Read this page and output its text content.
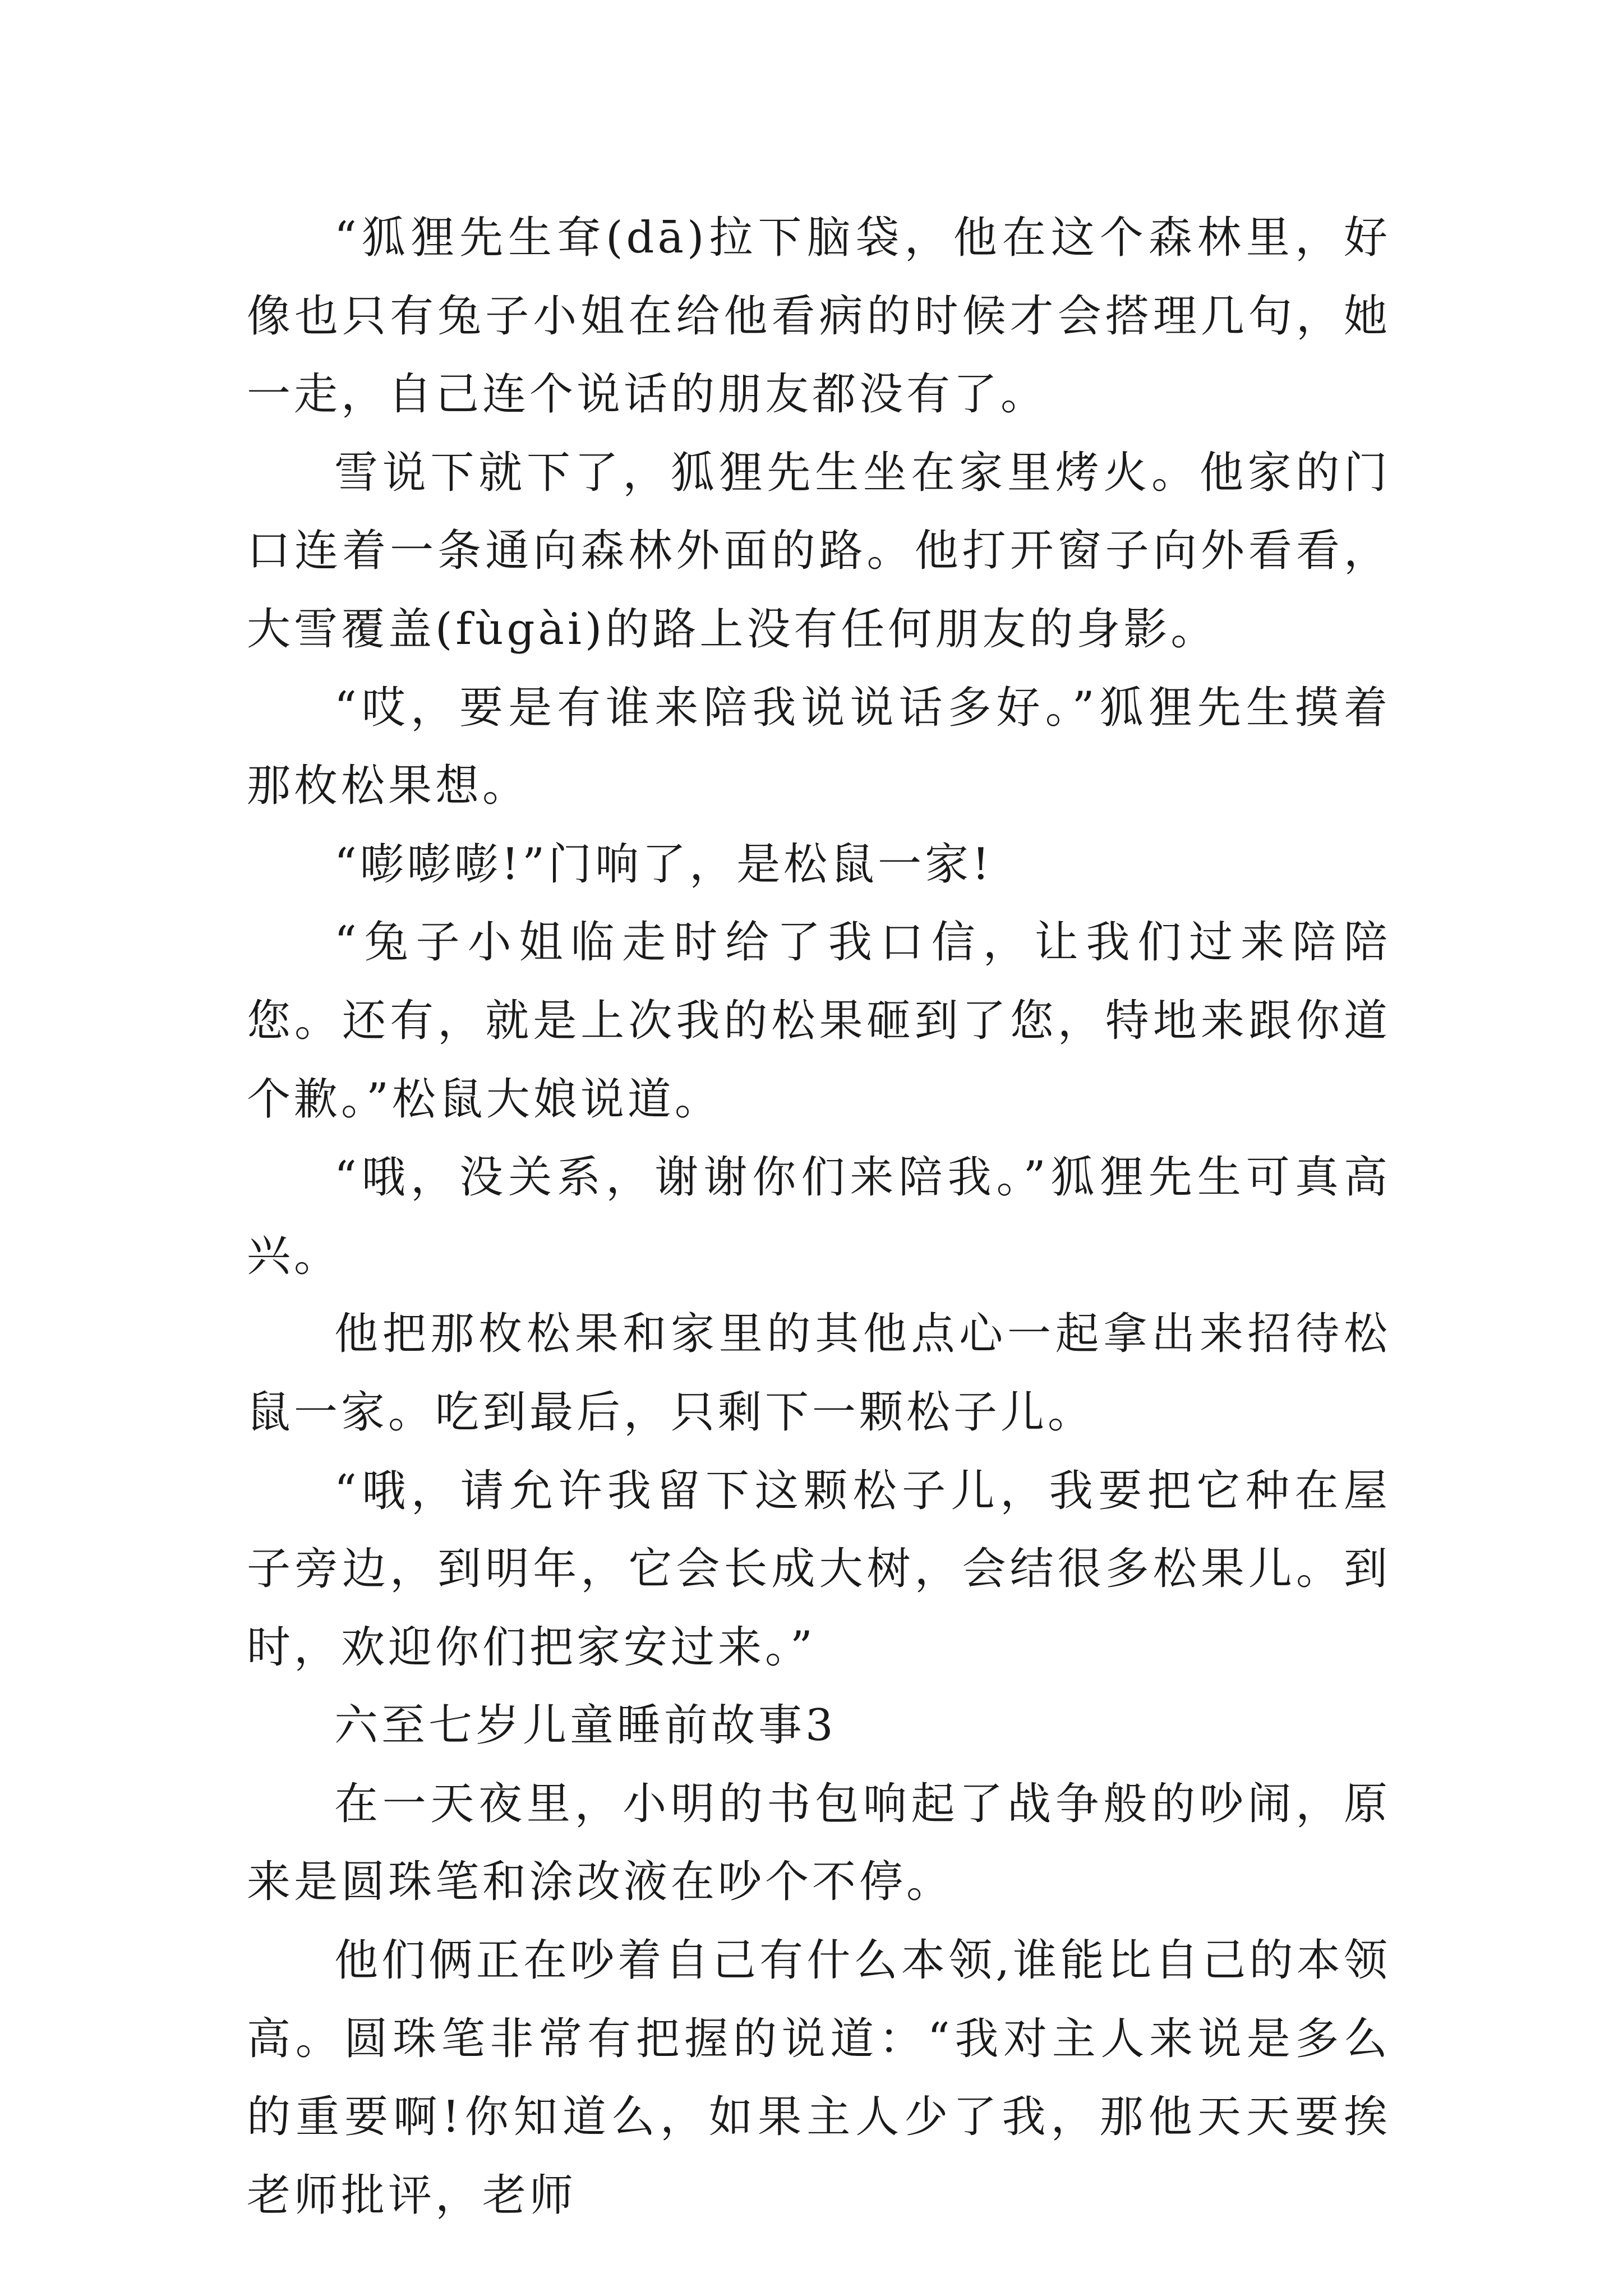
“狐狸先生耷(dā)拉下脑袋，他在这个森林里，好像也只有兔子小姐在给他看病的时候才会搭理几句，她一走，自己连个说话的朋友都没有了。

雪说下就下了，狐狸先生坐在家里烤火。他家的门口连着一条通向森林外面的路。他打开窗子向外看看，大雪覆盖(fùgài)的路上没有任何朋友的身影。

“哎，要是有谁来陪我说说话多好。”狐狸先生摸着那枚松果想。

“嘭嘭嘭!”门响了，是松鼠一家!

“兔子小姐临走时给了我口信，让我们过来陪陪您。还有，就是上次我的松果砸到了您，特地来跟你道个歉。”松鼠大娘说道。

“哦，没关系，谢谢你们来陪我。”狐狸先生可真高兴。

他把那枚松果和家里的其他点心一起拿出来招待松鼠一家。吃到最后，只剩下一颗松子儿。

“哦，请允许我留下这颗松子儿，我要把它种在屋子旁边，到明年，它会长成大树，会结很多松果儿。到时，欢迎你们把家安过来。”

六至七岁儿童睡前故事3

在一天夜里，小明的书包响起了战争般的吵闹，原来是圆珠笔和涂改液在吵个不停。

他们俩正在吵着自己有什么本领,谁能比自己的本领高。圆珠笔非常有把握的说道：“我对主人来说是多么的重要啊!你知道么，如果主人少了我，那他天天要挨老师批评，老师
